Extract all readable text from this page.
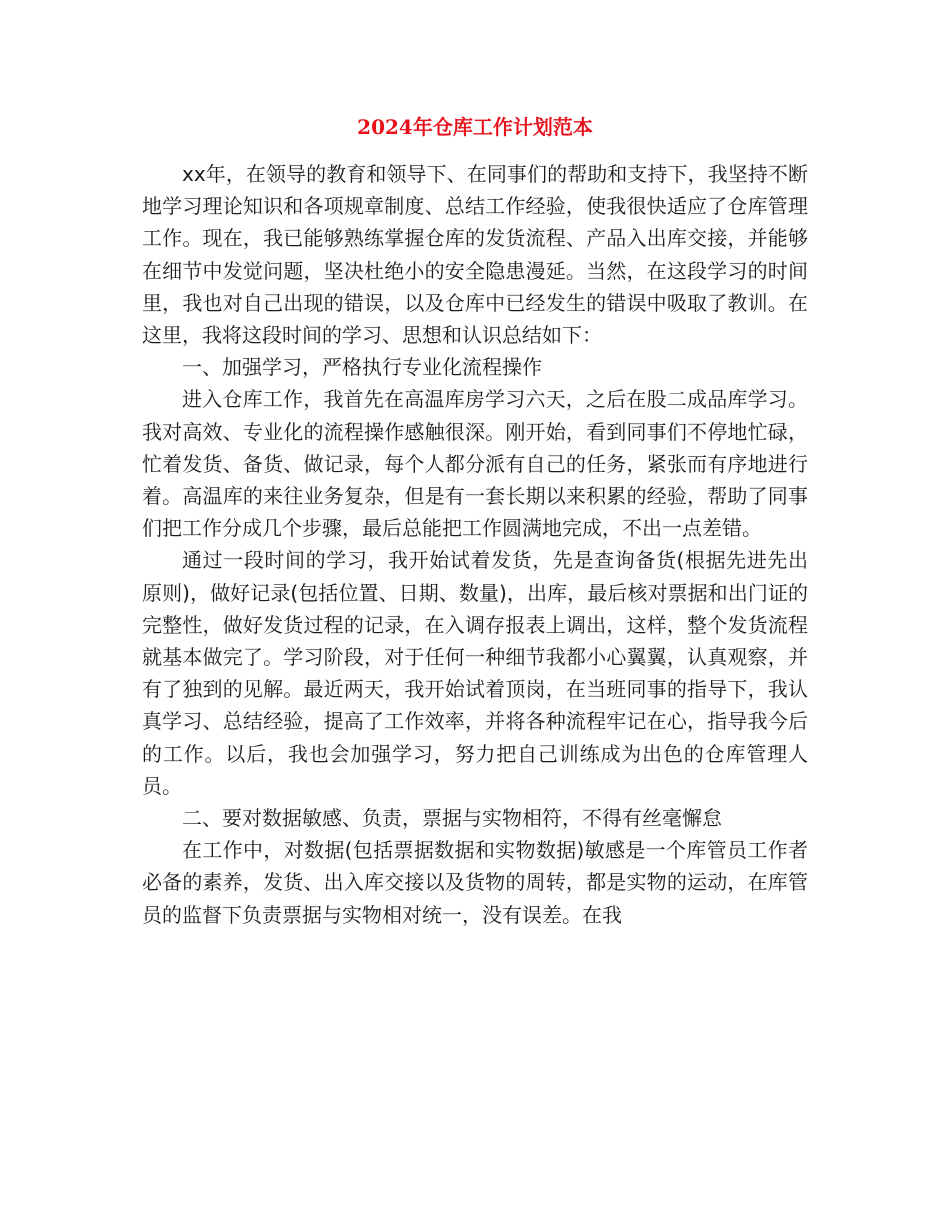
2024年仓库工作计划范本

xx年，在领导的教育和领导下、在同事们的帮助和支持下，我坚持不断地学习理论知识和各项规章制度、总结工作经验，使我很快适应了仓库管理工作。现在，我已能够熟练掌握仓库的发货流程、产品入出库交接，并能够在细节中发觉问题，坚决杜绝小的安全隐患漫延。当然，在这段学习的时间里，我也对自己出现的错误，以及仓库中已经发生的错误中吸取了教训。在这里，我将这段时间的学习、思想和认识总结如下：

一、加强学习，严格执行专业化流程操作

进入仓库工作，我首先在高温库房学习六天，之后在股二成品库学习。我对高效、专业化的流程操作感触很深。刚开始，看到同事们不停地忙碌，忙着发货、备货、做记录，每个人都分派有自己的任务，紧张而有序地进行着。高温库的来往业务复杂，但是有一套长期以来积累的经验，帮助了同事们把工作分成几个步骤，最后总能把工作圆满地完成，不出一点差错。

通过一段时间的学习，我开始试着发货，先是查询备货(根据先进先出原则)，做好记录(包括位置、日期、数量)，出库，最后核对票据和出门证的完整性，做好发货过程的记录，在入调存报表上调出，这样，整个发货流程就基本做完了。学习阶段，对于任何一种细节我都小心翼翼，认真观察，并有了独到的见解。最近两天，我开始试着顶岗，在当班同事的指导下，我认真学习、总结经验，提高了工作效率，并将各种流程牢记在心，指导我今后的工作。以后，我也会加强学习，努力把自己训练成为出色的仓库管理人员。

二、要对数据敏感、负责，票据与实物相符，不得有丝毫懈怠

在工作中，对数据(包括票据数据和实物数据)敏感是一个库管员工作者必备的素养，发货、出入库交接以及货物的周转，都是实物的运动，在库管员的监督下负责票据与实物相对统一，没有误差。在我
